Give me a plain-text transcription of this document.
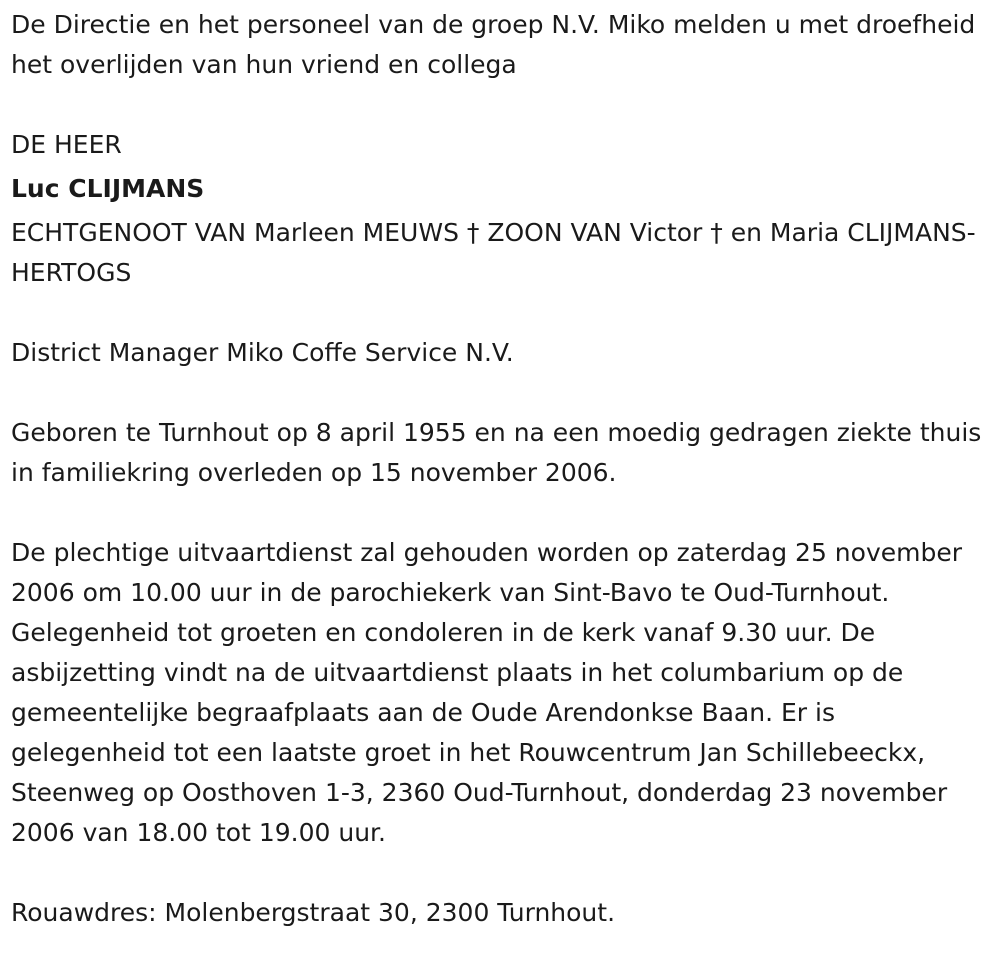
De Directie en het personeel van de groep N.V. Miko melden u met droefheid het overlijden van hun vriend en collega

DE HEER

Luc CLIJMANS

ECHTGENOOT VAN Marleen MEUWS † ZOON VAN Victor † en Maria CLIJMANS-HERTOGS

District Manager Miko Coffe Service N.V.

Geboren te Turnhout op 8 april 1955 en na een moedig gedragen ziekte thuis in familiekring overleden op 15 november 2006.

De plechtige uitvaartdienst zal gehouden worden op zaterdag 25 november 2006 om 10.00 uur in de parochiekerk van Sint-Bavo te Oud-Turnhout. Gelegenheid tot groeten en condoleren in de kerk vanaf 9.30 uur. De asbijzetting vindt na de uitvaartdienst plaats in het columbarium op de gemeentelijke begraafplaats aan de Oude Arendonkse Baan. Er is gelegenheid tot een laatste groet in het Rouwcentrum Jan Schillebeeckx, Steenweg op Oosthoven 1-3, 2360 Oud-Turnhout, donderdag 23 november 2006 van 18.00 tot 19.00 uur.

Rouawdres: Molenbergstraat 30, 2300 Turnhout.
